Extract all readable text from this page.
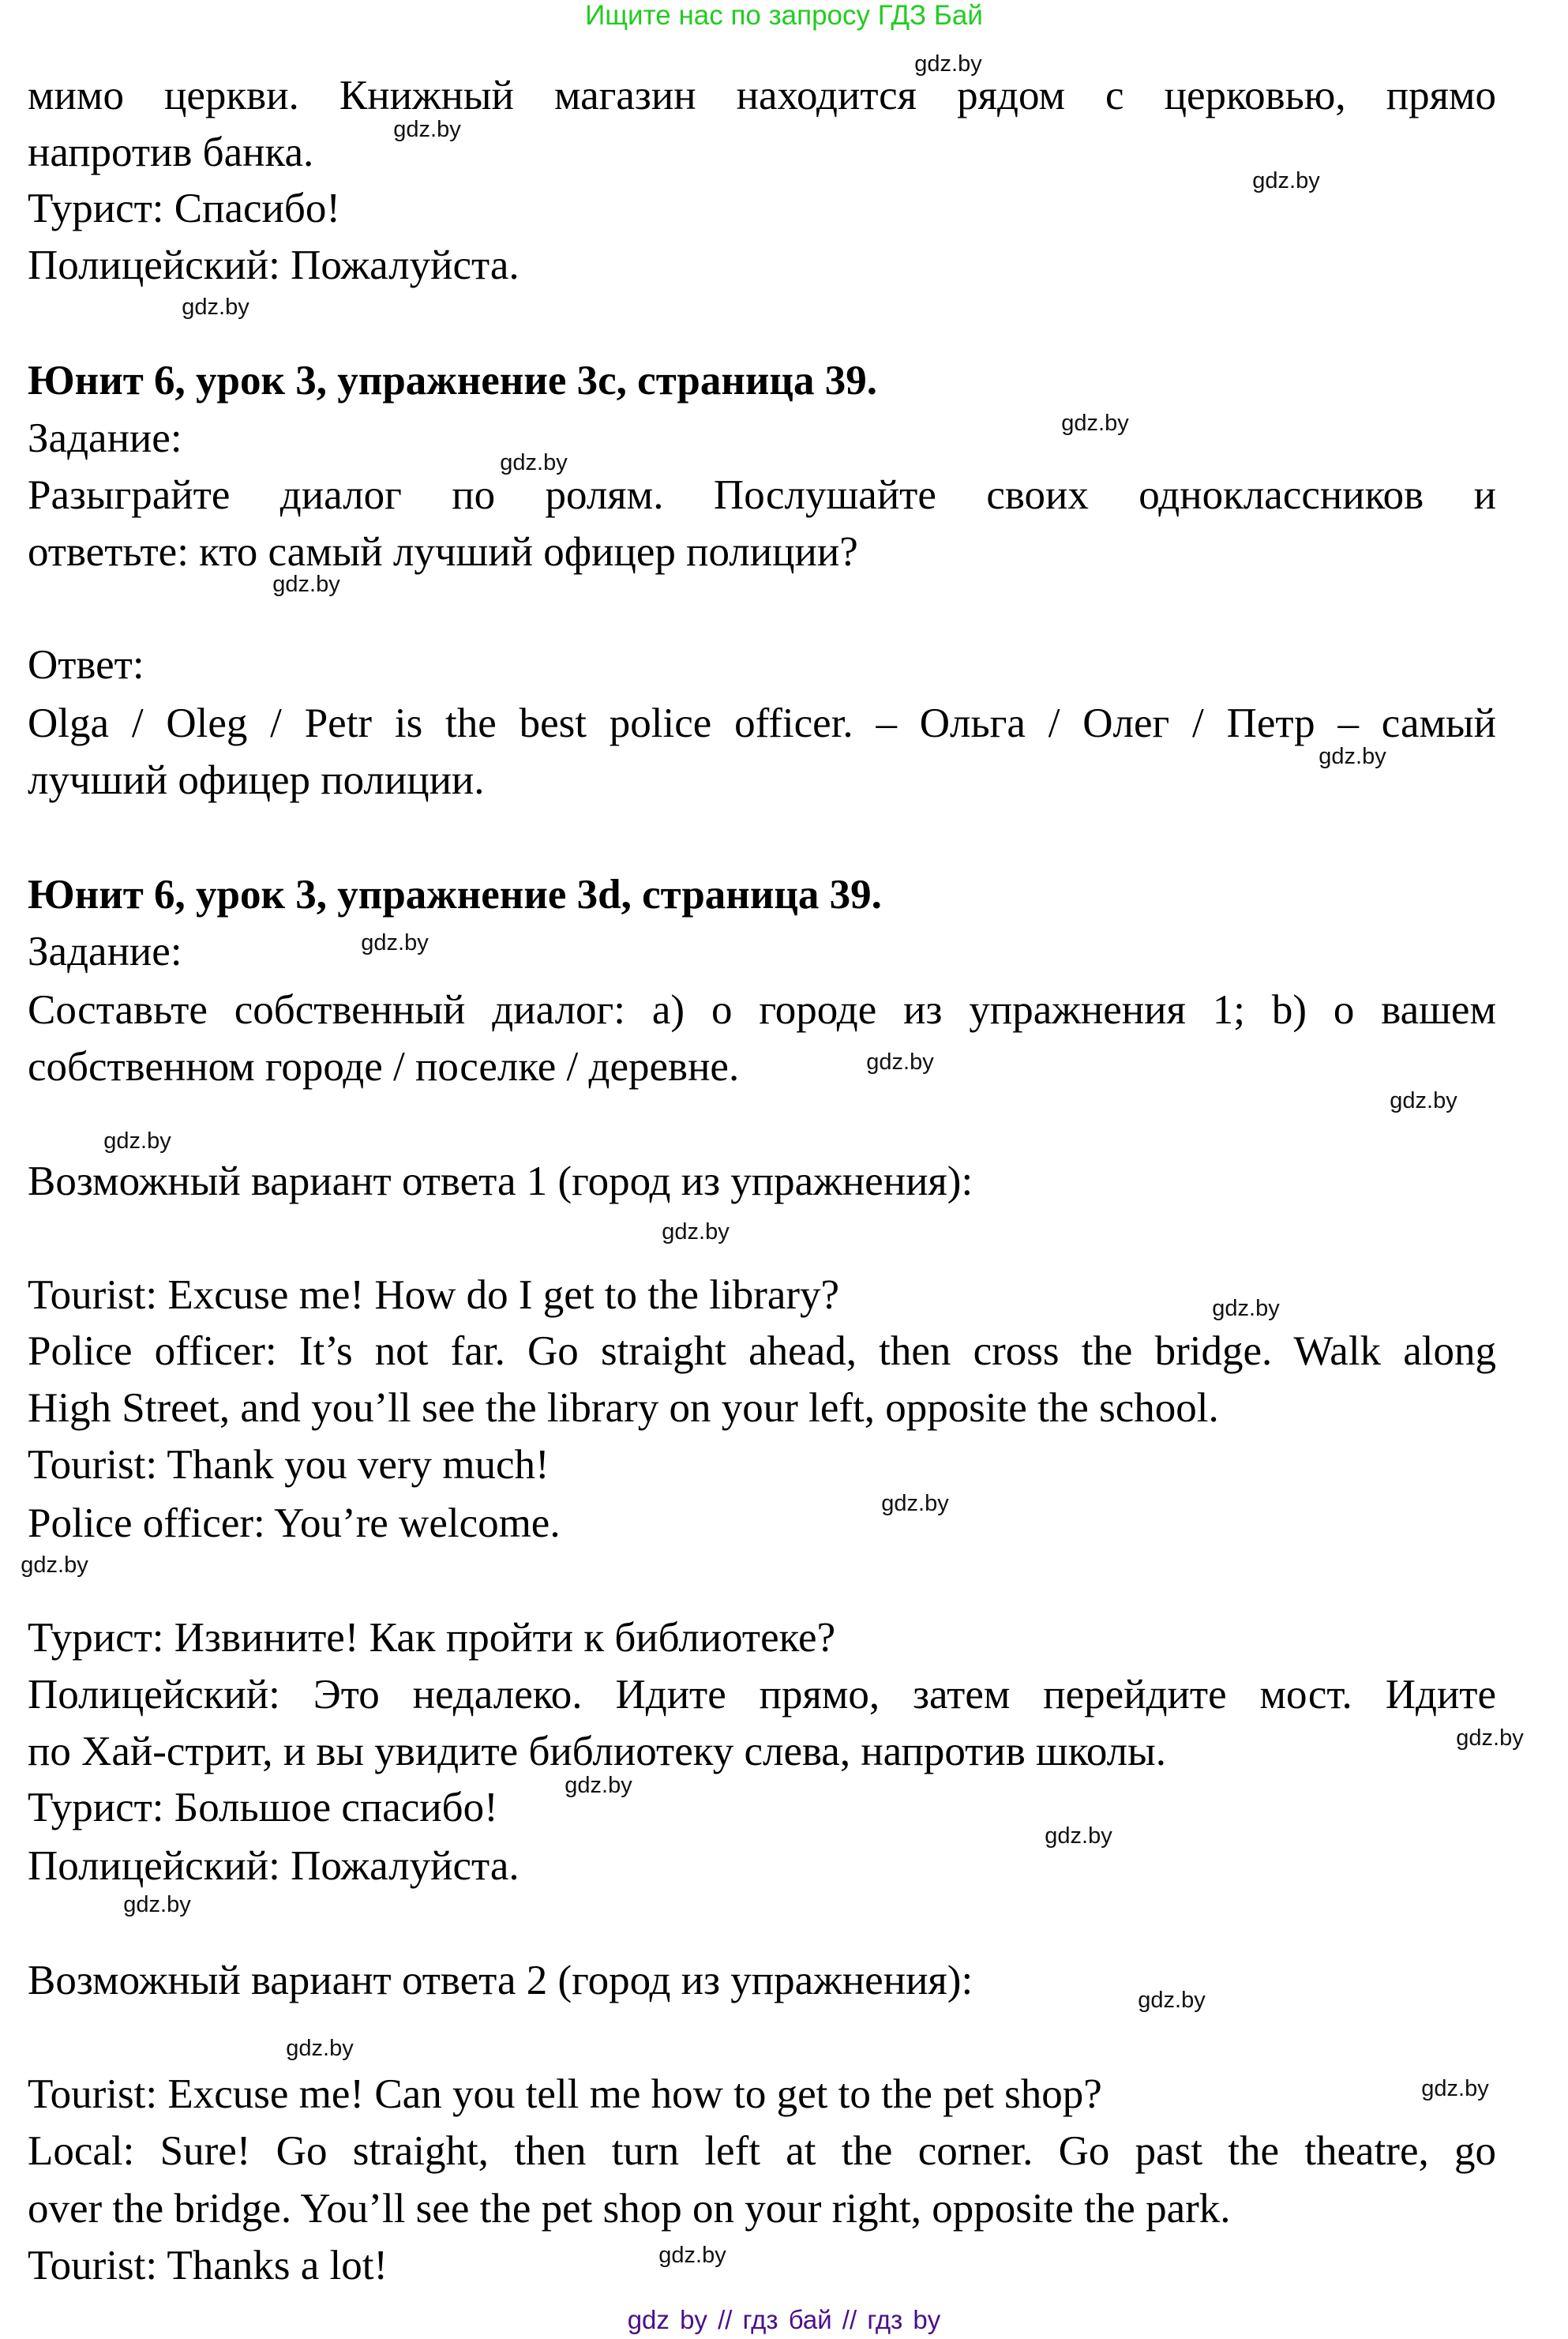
Ищите нас по запросу ГДЗ Бай
мимо церкви. Книжный магазин находится рядом с церковью, прямо
напротив банка.
Турист: Спасибо!
Полицейский: Пожалуйста.
Юнит 6, урок 3, упражнение 3c, страница 39.
Задание:
Разыграйте диалог по ролям. Послушайте своих одноклассников и
ответьте: кто самый лучший офицер полиции?
Ответ:
Olga / Oleg / Petr is the best police officer. – Ольга / Олег / Петр – самый
лучший офицер полиции.
Юнит 6, урок 3, упражнение 3d, страница 39.
Задание:
Составьте собственный диалог: a) о городе из упражнения 1; b) о вашем
собственном городе / поселке / деревне.
Возможный вариант ответа 1 (город из упражнения):
Tourist: Excuse me! How do I get to the library?
Police officer: It’s not far. Go straight ahead, then cross the bridge. Walk along
High Street, and you’ll see the library on your left, opposite the school.
Tourist: Thank you very much!
Police officer: You’re welcome.
Турист: Извините! Как пройти к библиотеке?
Полицейский: Это недалеко. Идите прямо, затем перейдите мост. Идите
по Хай-стрит, и вы увидите библиотеку слева, напротив школы.
Турист: Большое спасибо!
Полицейский: Пожалуйста.
Возможный вариант ответа 2 (город из упражнения):
Tourist: Excuse me! Can you tell me how to get to the pet shop?
Local: Sure! Go straight, then turn left at the corner. Go past the theatre, go
over the bridge. You’ll see the pet shop on your right, opposite the park.
Tourist: Thanks a lot!
gdz.by
gdz.by
gdz.by
gdz.by
gdz.by
gdz.by
gdz.by
gdz.by
gdz.by
gdz.by
gdz.by
gdz.by
gdz.by
gdz.by
gdz.by
gdz.by
gdz.by
gdz.by
gdz.by
gdz.by
gdz.by
gdz.by
gdz.by
gdz.by
gdz by // гдз бай // гдз by
